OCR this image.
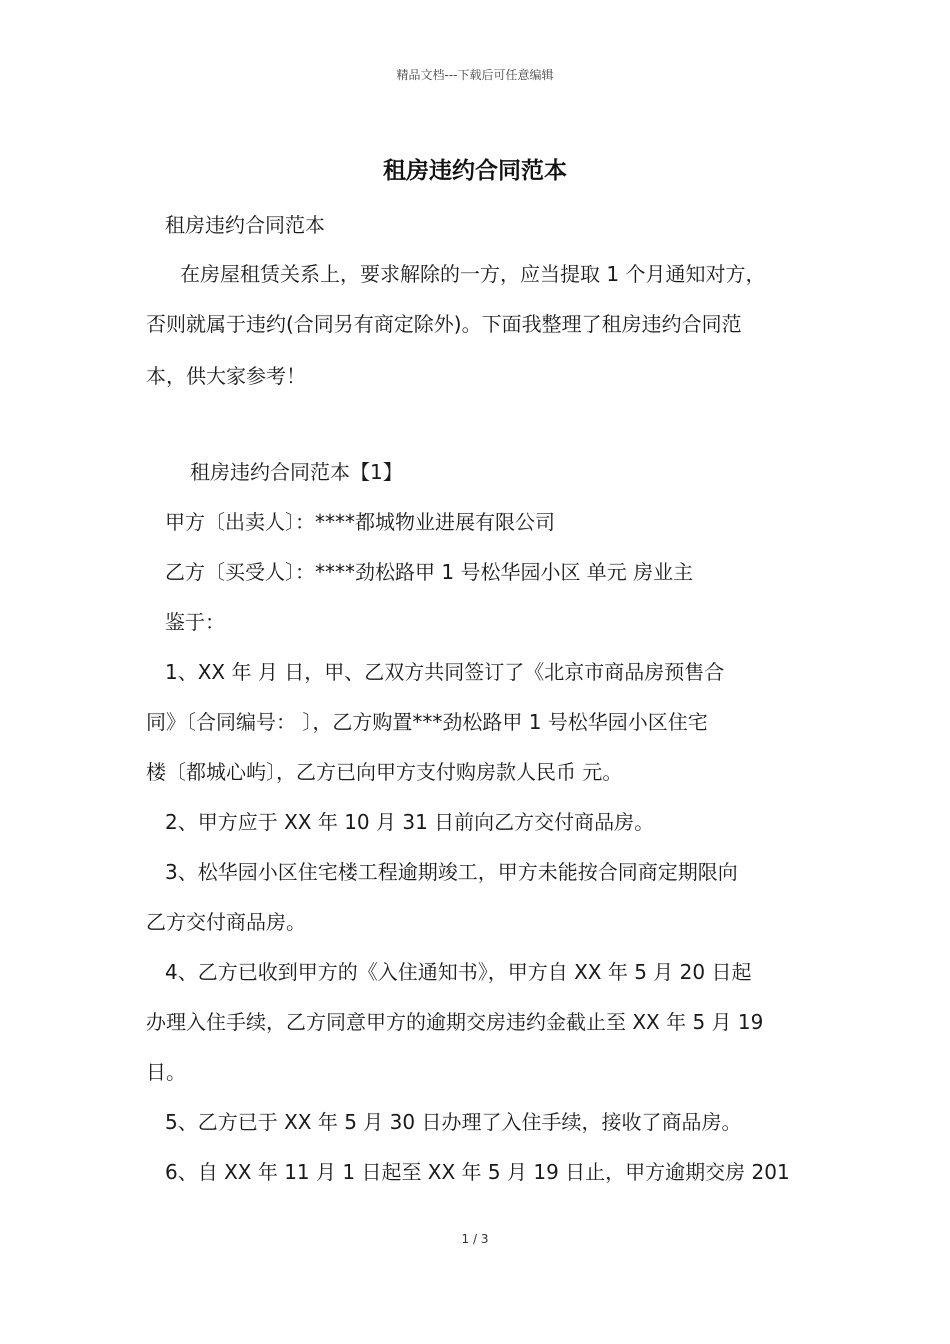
精品文档---下载后可任意编辑
租房违约合同范本
租房违约合同范本
在房屋租赁关系上，要求解除的一方，应当提取 1 个月通知对方，
否则就属于违约(合同另有商定除外)。下面我整理了租房违约合同范
本，供大家参考！
租房违约合同范本【1】
甲方〔出卖人〕：****都城物业进展有限公司
乙方〔买受人〕：****劲松路甲 1 号松华园小区 单元 房业主
鉴于：
1、XX 年 月 日，甲、乙双方共同签订了《北京市商品房预售合
同》〔合同编号： 〕，乙方购置***劲松路甲 1 号松华园小区住宅
楼〔都城心屿〕，乙方已向甲方支付购房款人民币 元。
2、甲方应于 XX 年 10 月 31 日前向乙方交付商品房。
3、松华园小区住宅楼工程逾期竣工，甲方未能按合同商定期限向
乙方交付商品房。
4、乙方已收到甲方的《入住通知书》，甲方自 XX 年 5 月 20 日起
办理入住手续，乙方同意甲方的逾期交房违约金截止至 XX 年 5 月 19
日。
5、乙方已于 XX 年 5 月 30 日办理了入住手续，接收了商品房。
6、自 XX 年 11 月 1 日起至 XX 年 5 月 19 日止，甲方逾期交房 201
1 / 3
